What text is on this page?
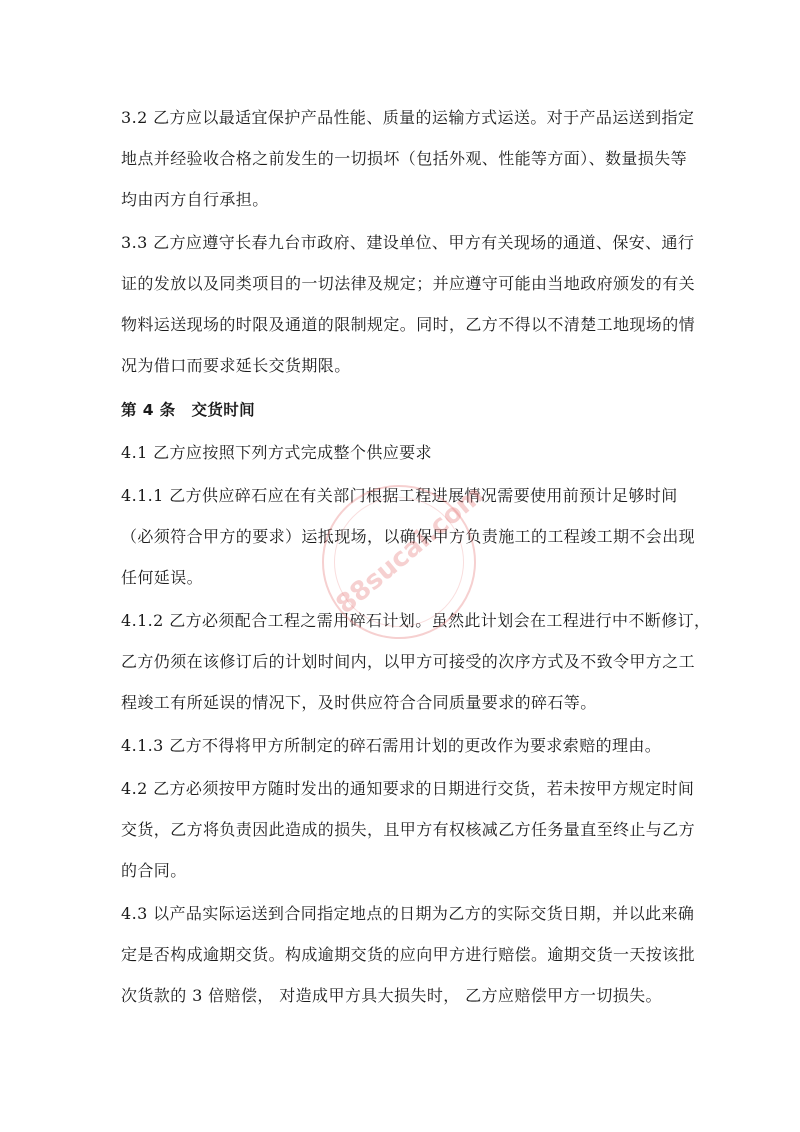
3.2 乙方应以最适宜保护产品性能、质量的运输方式运送。对于产品运送到指定
地点并经验收合格之前发生的一切损坏（包括外观、性能等方面）、数量损失等
均由丙方自行承担。
3.3 乙方应遵守长春九台市政府、建设单位、甲方有关现场的通道、保安、通行
证的发放以及同类项目的一切法律及规定；并应遵守可能由当地政府颁发的有关
物料运送现场的时限及通道的限制规定。同时，乙方不得以不清楚工地现场的情
况为借口而要求延长交货期限。
第 4 条　交货时间
4.1 乙方应按照下列方式完成整个供应要求
4.1.1 乙方供应碎石应在有关部门根据工程进展情况需要使用前预计足够时间
（必须符合甲方的要求）运抵现场，以确保甲方负责施工的工程竣工期不会出现
任何延误。
4.1.2 乙方必须配合工程之需用碎石计划。虽然此计划会在工程进行中不断修订，
乙方仍须在该修订后的计划时间内，以甲方可接受的次序方式及不致令甲方之工
程竣工有所延误的情况下，及时供应符合合同质量要求的碎石等。
4.1.3 乙方不得将甲方所制定的碎石需用计划的更改作为要求索赔的理由。
4.2 乙方必须按甲方随时发出的通知要求的日期进行交货，若未按甲方规定时间
交货，乙方将负责因此造成的损失，且甲方有权核减乙方任务量直至终止与乙方
的合同。
4.3 以产品实际运送到合同指定地点的日期为乙方的实际交货日期，并以此来确
定是否构成逾期交货。构成逾期交货的应向甲方进行赔偿。逾期交货一天按该批
次货款的 3 倍赔偿， 对造成甲方具大损失时， 乙方应赔偿甲方一切损失。
88sucai.com
